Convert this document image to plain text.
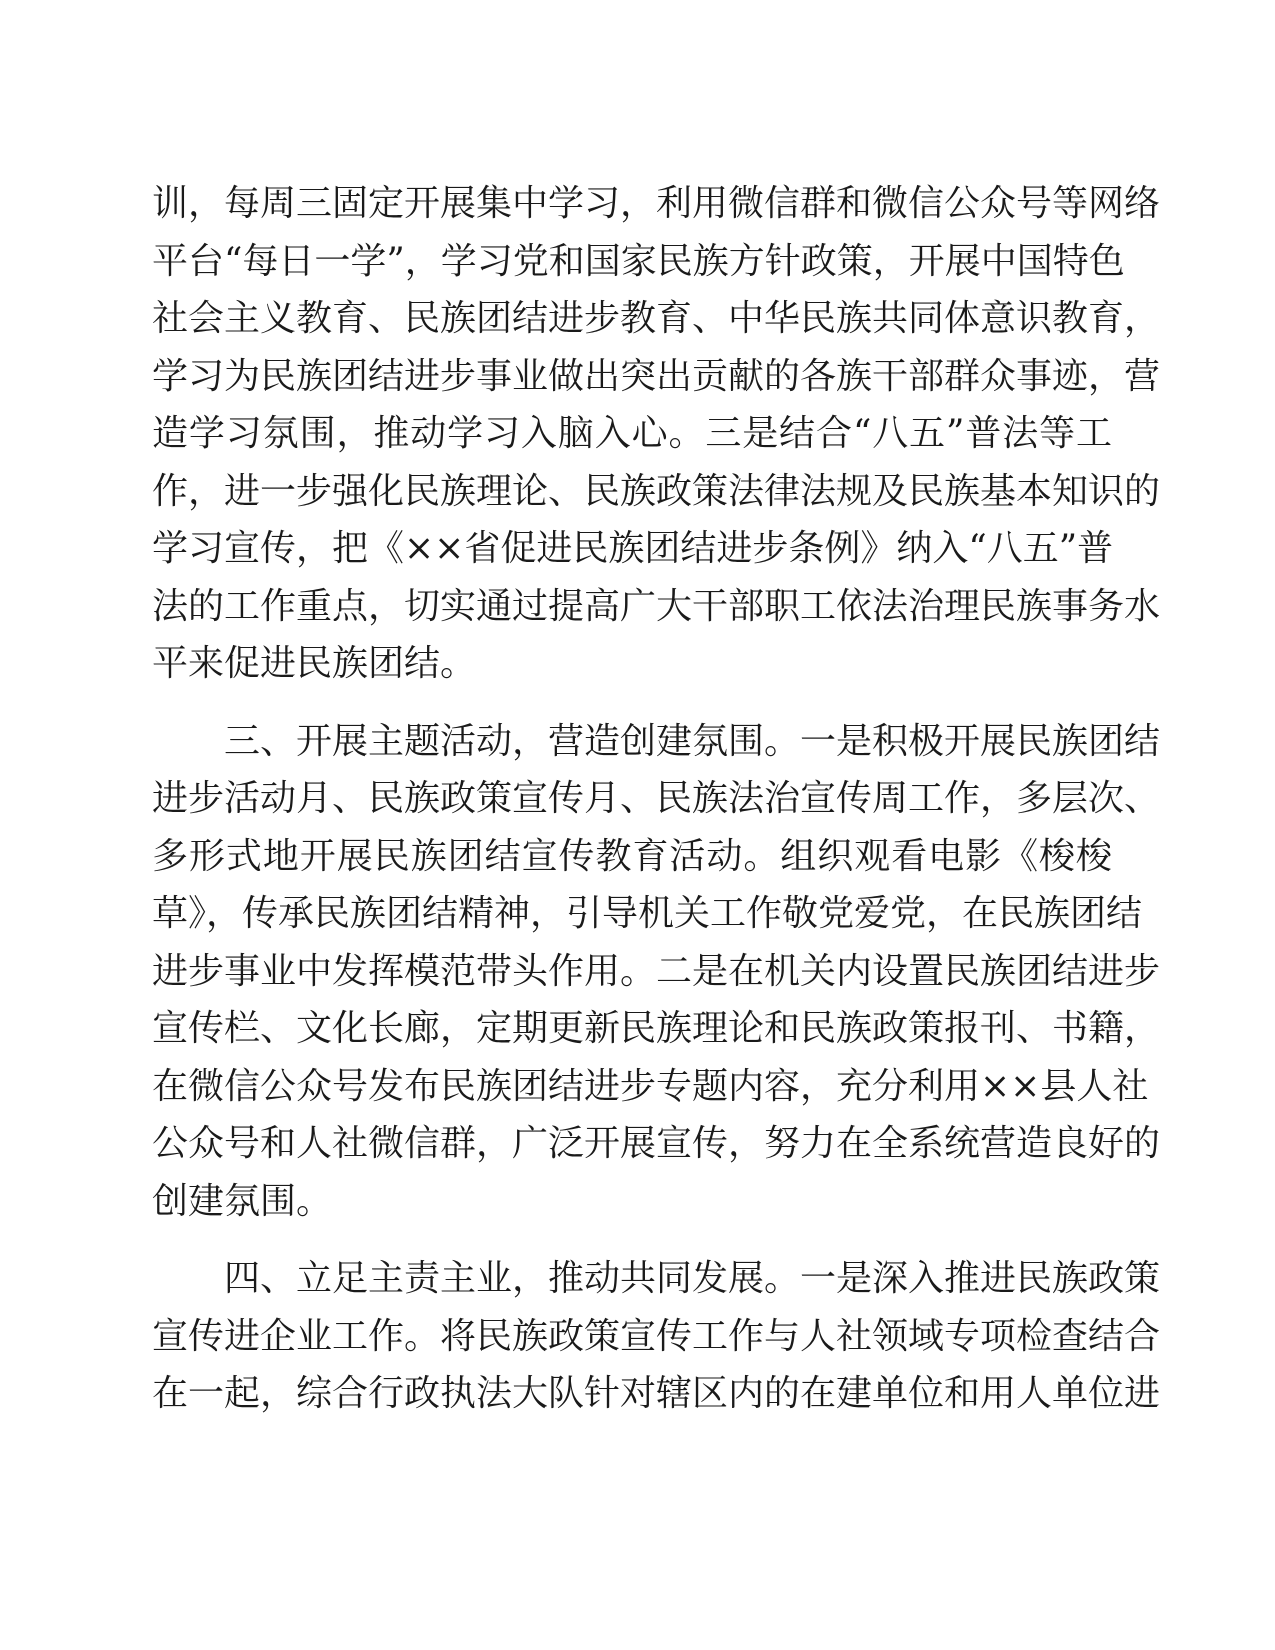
训，每周三固定开展集中学习，利用微信群和微信公众号等网络
平台“每日一学”，学习党和国家民族方针政策，开展中国特色
社会主义教育、民族团结进步教育、中华民族共同体意识教育，
学习为民族团结进步事业做出突出贡献的各族干部群众事迹，营
造学习氛围，推动学习入脑入心。三是结合“八五”普法等工
作，进一步强化民族理论、民族政策法律法规及民族基本知识的
学习宣传，把《××省促进民族团结进步条例》纳入“八五”普
法的工作重点，切实通过提高广大干部职工依法治理民族事务水
平来促进民族团结。
三、开展主题活动，营造创建氛围。一是积极开展民族团结
进步活动月、民族政策宣传月、民族法治宣传周工作，多层次、
多形式地开展民族团结宣传教育活动。组织观看电影《梭梭
草》，传承民族团结精神，引导机关工作敬党爱党，在民族团结
进步事业中发挥模范带头作用。二是在机关内设置民族团结进步
宣传栏、文化长廊，定期更新民族理论和民族政策报刊、书籍，
在微信公众号发布民族团结进步专题内容，充分利用××县人社
公众号和人社微信群，广泛开展宣传，努力在全系统营造良好的
创建氛围。
四、立足主责主业，推动共同发展。一是深入推进民族政策
宣传进企业工作。将民族政策宣传工作与人社领域专项检查结合
在一起，综合行政执法大队针对辖区内的在建单位和用人单位进
